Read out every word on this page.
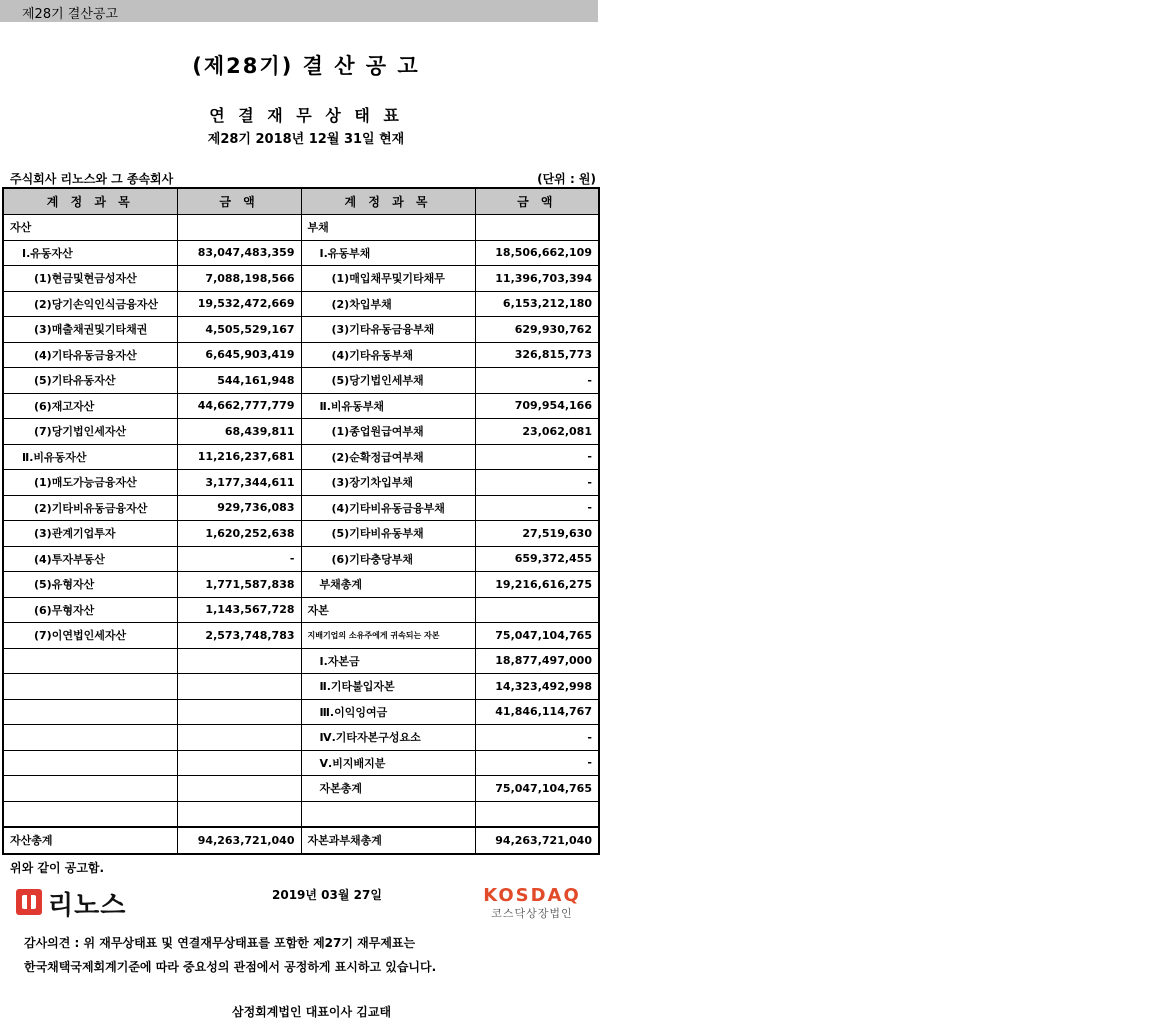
제28기 결산공고
(제28기) 결 산 공 고
연 결 재 무 상 태 표
제28기 2018년 12월 31일 현재
주식회사 리노스와 그 종속회사	(단위 : 원)
계 정 과 목	금 액	계 정 과 목	금 액
자산		부채	
Ⅰ.유동자산	83,047,483,359	Ⅰ.유동부채	18,506,662,109
(1)현금및현금성자산	7,088,198,566	(1)매입채무및기타채무	11,396,703,394
(2)당기손익인식금융자산	19,532,472,669	(2)차입부채	6,153,212,180
(3)매출채권및기타채권	4,505,529,167	(3)기타유동금융부채	629,930,762
(4)기타유동금융자산	6,645,903,419	(4)기타유동부채	326,815,773
(5)기타유동자산	544,161,948	(5)당기법인세부채	-
(6)재고자산	44,662,777,779	Ⅱ.비유동부채	709,954,166
(7)당기법인세자산	68,439,811	(1)종업원급여부채	23,062,081
Ⅱ.비유동자산	11,216,237,681	(2)순확정급여부채	-
(1)매도가능금융자산	3,177,344,611	(3)장기차입부채	-
(2)기타비유동금융자산	929,736,083	(4)기타비유동금융부채	-
(3)관계기업투자	1,620,252,638	(5)기타비유동부채	27,519,630
(4)투자부동산	-	(6)기타충당부채	659,372,455
(5)유형자산	1,771,587,838	부채총계	19,216,616,275
(6)무형자산	1,143,567,728	자본	
(7)이연법인세자산	2,573,748,783	지배기업의 소유주에게 귀속되는 자본	75,047,104,765
		Ⅰ.자본금	18,877,497,000
		Ⅱ.기타불입자본	14,323,492,998
		Ⅲ.이익잉여금	41,846,114,767
		Ⅳ.기타자본구성요소	-
		Ⅴ.비지배지분	-
		자본총계	75,047,104,765

자산총계	94,263,721,040	자본과부채총계	94,263,721,040
위와 같이 공고함.
리노스	2019년 03월 27일	KOSDAQ
코스닥상장법인
감사의견 : 위 재무상태표 및 연결재무상태표를 포함한 제27기 재무제표는
한국채택국제회계기준에 따라 중요성의 관점에서 공정하게 표시하고 있습니다.
삼정회계법인 대표이사 김교태
